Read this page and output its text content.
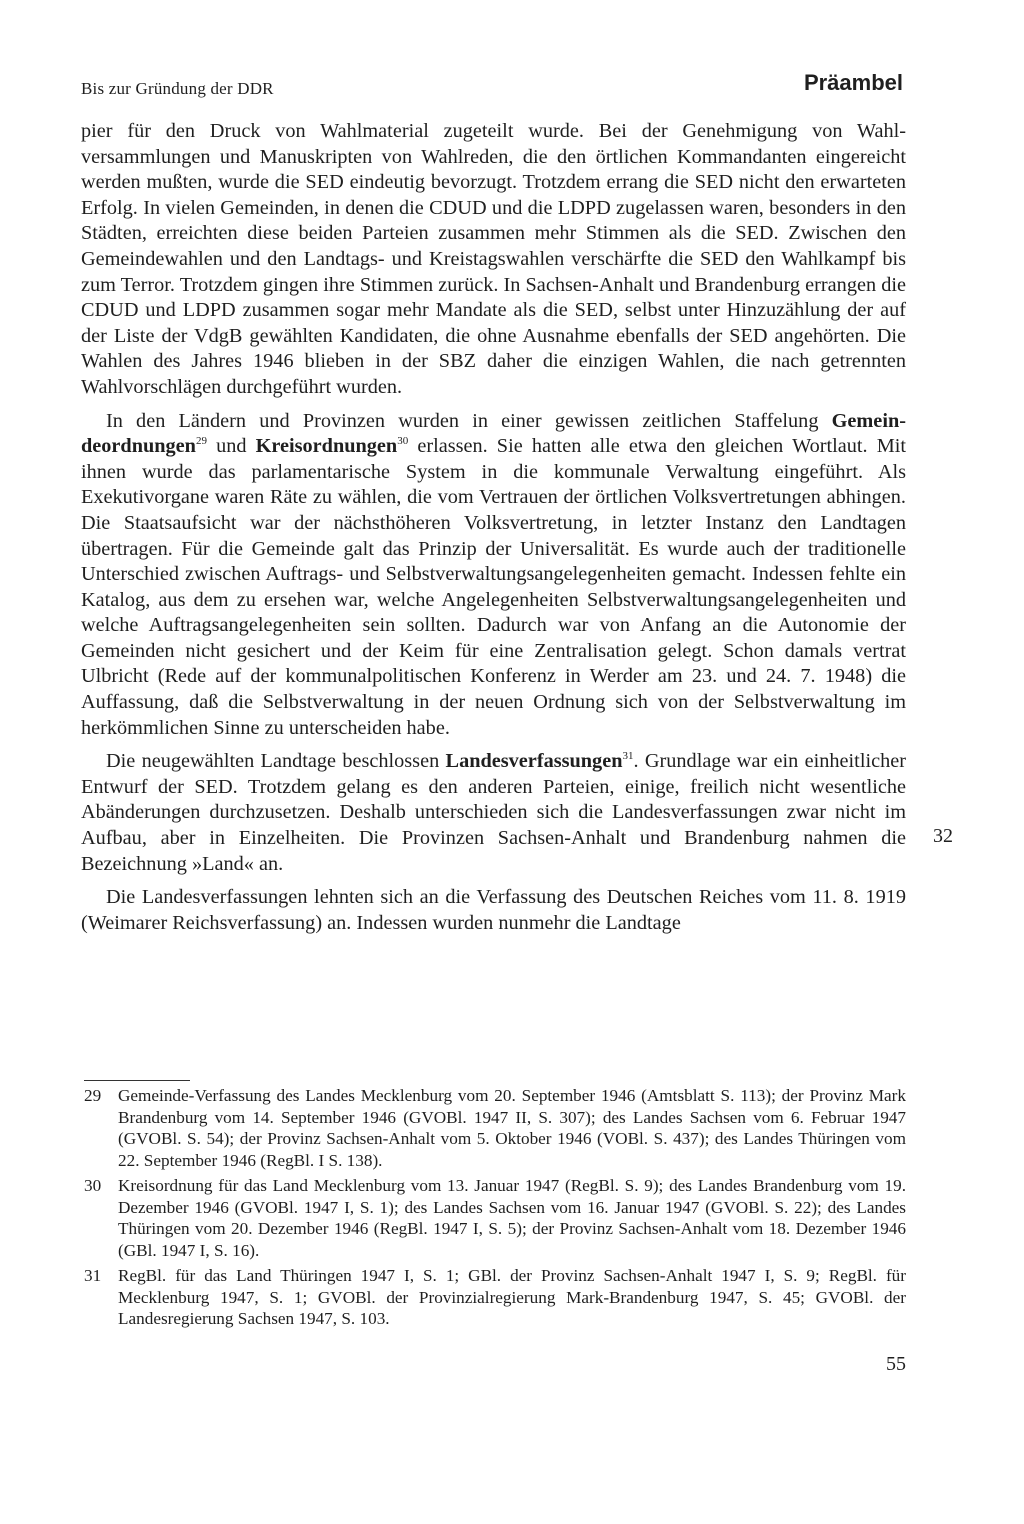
Bis zur Gründung der DDR	Präambel

pier für den Druck von Wahlmaterial zugeteilt wurde. Bei der Genehmigung von Wahlversammlungen und Manuskripten von Wahlreden, die den örtlichen Kommandanten eingereicht werden mußten, wurde die SED eindeutig bevorzugt. Trotzdem errang die SED nicht den erwarteten Erfolg. In vielen Gemeinden, in denen die CDUD und die LDPD zugelassen waren, besonders in den Städten, erreichten diese beiden Parteien zusammen mehr Stimmen als die SED. Zwischen den Gemeindewahlen und den Landtags- und Kreistagswahlen verschärfte die SED den Wahlkampf bis zum Terror. Trotzdem gingen ihre Stimmen zurück. In Sachsen-Anhalt und Brandenburg errangen die CDUD und LDPD zusammen sogar mehr Mandate als die SED, selbst unter Hinzuzählung der auf der Liste der VdgB gewählten Kandidaten, die ohne Ausnahme ebenfalls der SED angehörten. Die Wahlen des Jahres 1946 blieben in der SBZ daher die einzigen Wahlen, die nach getrennten Wahlvorschlägen durchgeführt wurden.

In den Ländern und Provinzen wurden in einer gewissen zeitlichen Staffelung Gemeindeordnungen$^{29}$ und Kreisordnungen$^{30}$ erlassen. Sie hatten alle etwa den gleichen Wortlaut. Mit ihnen wurde das parlamentarische System in die kommunale Verwaltung eingeführt. Als Exekutivorgane waren Räte zu wählen, die vom Vertrauen der örtlichen Volksvertretungen abhingen. Die Staatsaufsicht war der nächsthöheren Volksvertretung, in letzter Instanz den Landtagen übertragen. Für die Gemeinde galt das Prinzip der Universalität. Es wurde auch der traditionelle Unterschied zwischen Auftrags- und Selbstverwaltungsangelegenheiten gemacht. Indessen fehlte ein Katalog, aus dem zu ersehen war, welche Angelegenheiten Selbstverwaltungsangelegenheiten und welche Auftragsangelegenheiten sein sollten. Dadurch war von Anfang an die Autonomie der Gemeinden nicht gesichert und der Keim für eine Zentralisation gelegt. Schon damals vertrat Ulbricht (Rede auf der kommunalpolitischen Konferenz in Werder am 23. und 24. 7. 1948) die Auffassung, daß die Selbstverwaltung in der neuen Ordnung sich von der Selbstverwaltung im herkömmlichen Sinne zu unterscheiden habe.

Die neugewählten Landtage beschlossen Landesverfassungen$^{31}$. Grundlage war ein einheitlicher Entwurf der SED. Trotzdem gelang es den anderen Parteien, einige, freilich nicht wesentliche Abänderungen durchzusetzen. Deshalb unterschieden sich die Landesverfassungen zwar nicht im Aufbau, aber in Einzelheiten. Die Provinzen Sachsen-Anhalt und Brandenburg nahmen die Bezeichnung »Land« an.

Die Landesverfassungen lehnten sich an die Verfassung des Deutschen Reiches vom 11. 8. 1919 (Weimarer Reichsverfassung) an. Indessen wurden nunmehr die Landtage

32
29 Gemeinde-Verfassung des Landes Mecklenburg vom 20. September 1946 (Amtsblatt S. 113); der Provinz Mark Brandenburg vom 14. September 1946 (GVOBl. 1947 II, S. 307); des Landes Sachsen vom 6. Februar 1947 (GVOBl. S. 54); der Provinz Sachsen-Anhalt vom 5. Oktober 1946 (VOBl. S. 437); des Landes Thüringen vom 22. September 1946 (RegBl. I S. 138).
30 Kreisordnung für das Land Mecklenburg vom 13. Januar 1947 (RegBl. S. 9); des Landes Brandenburg vom 19. Dezember 1946 (GVOBl. 1947 I, S. 1); des Landes Sachsen vom 16. Januar 1947 (GVOBl. S. 22); des Landes Thüringen vom 20. Dezember 1946 (RegBl. 1947 I, S. 5); der Provinz Sachsen-Anhalt vom 18. Dezember 1946 (GBl. 1947 I, S. 16).
31 RegBl. für das Land Thüringen 1947 I, S. 1; GBl. der Provinz Sachsen-Anhalt 1947 I, S. 9; RegBl. für Mecklenburg 1947, S. 1; GVOBl. der Provinzialregierung Mark-Brandenburg 1947, S. 45; GVOBl. der Landesregierung Sachsen 1947, S. 103.
55
